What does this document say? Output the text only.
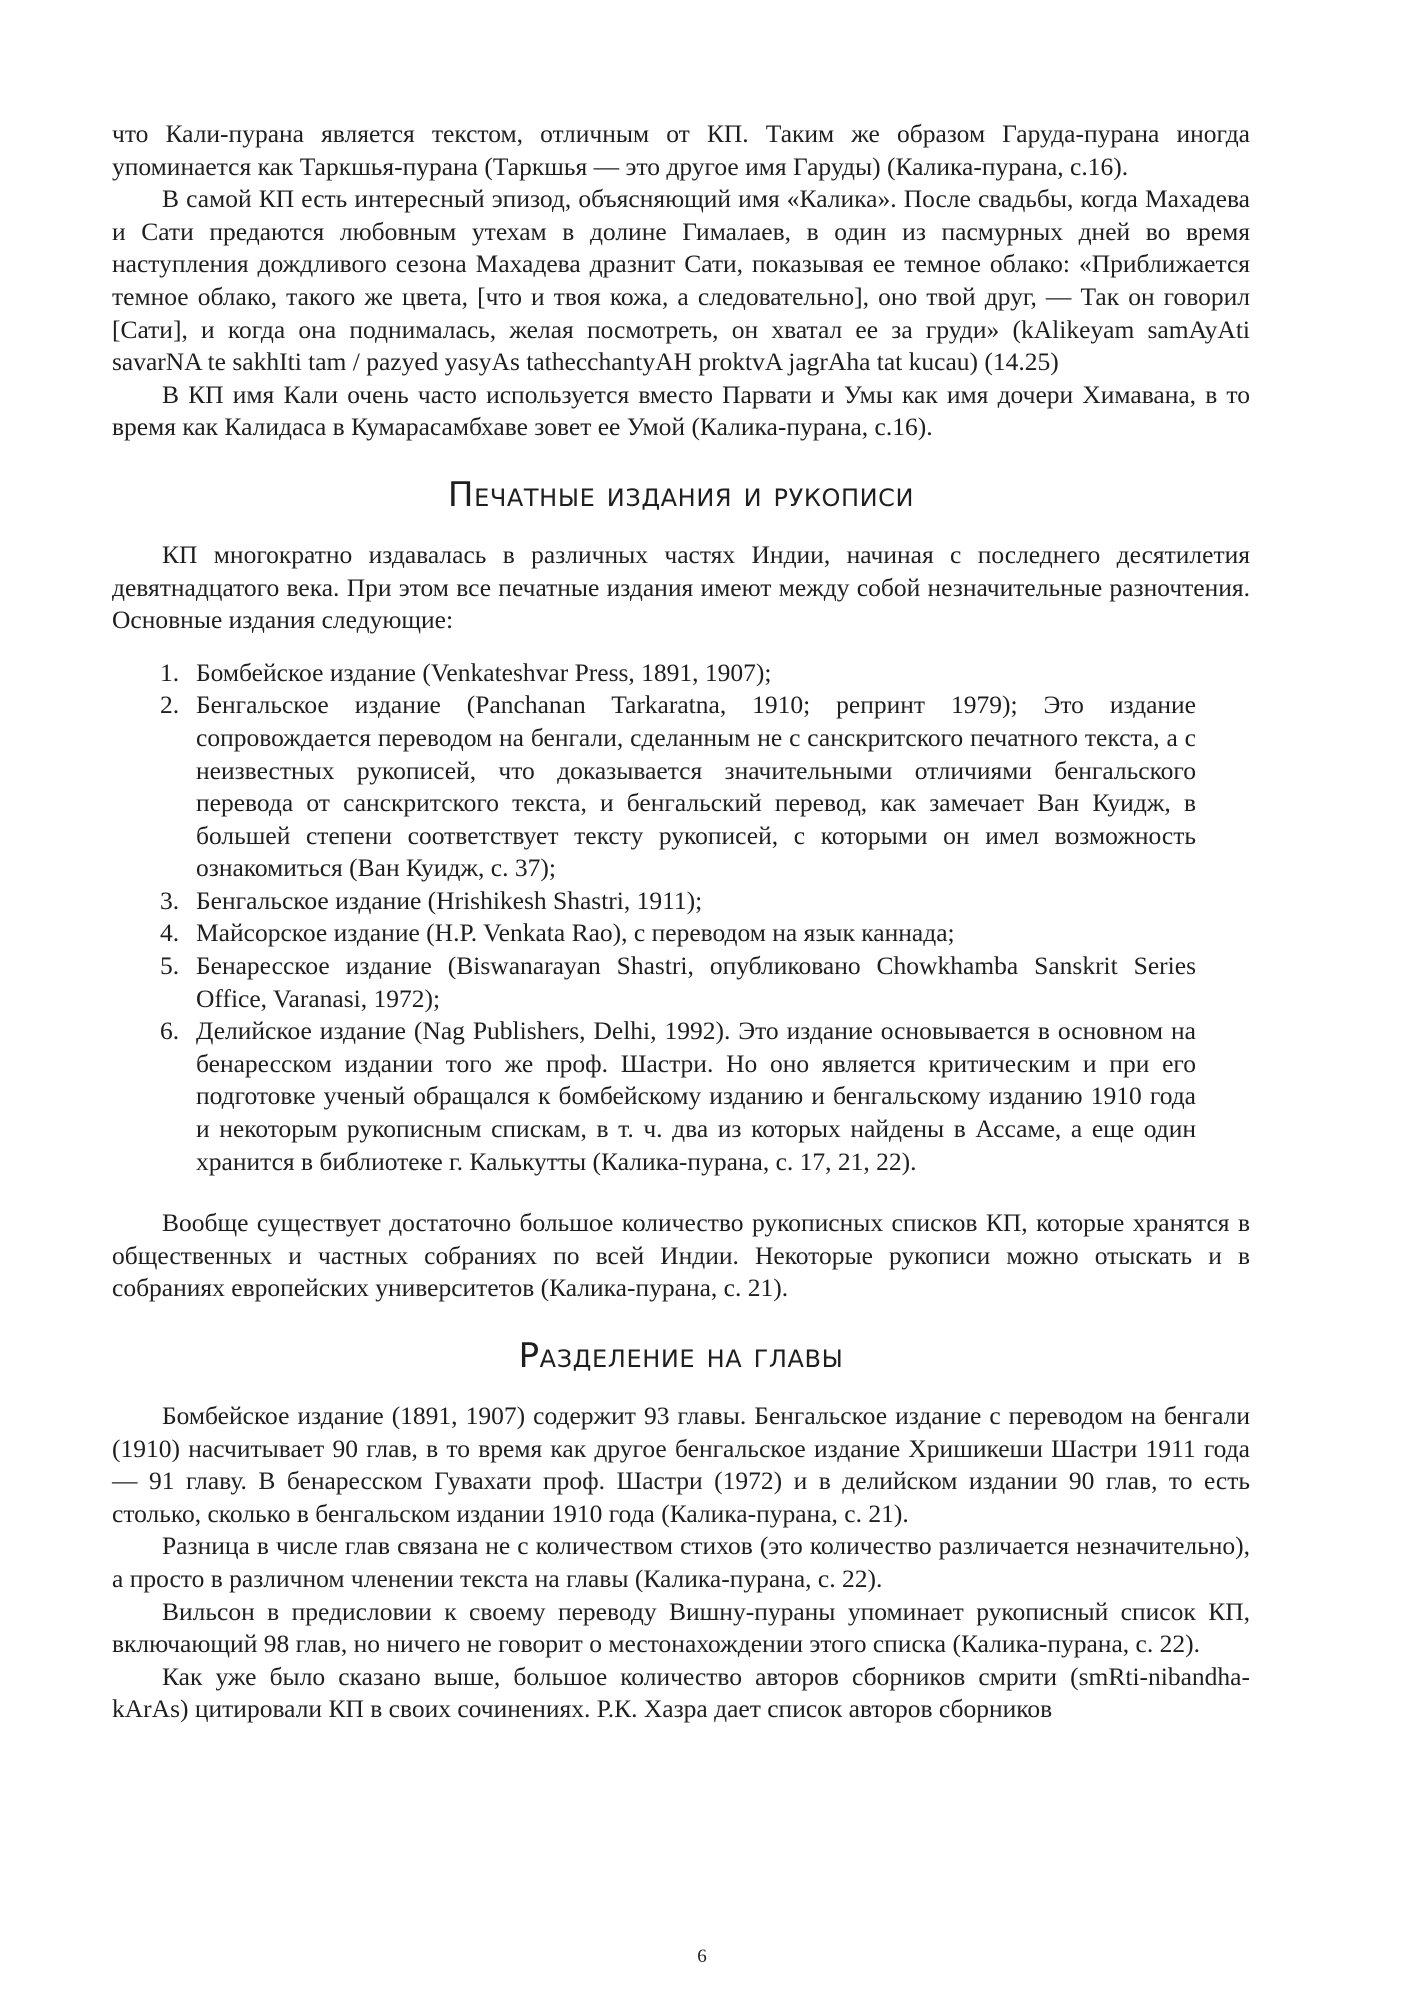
что Кали-пурана является текстом, отличным от КП. Таким же образом Гаруда-пурана иногда упоминается как Таркшья-пурана (Таркшья — это другое имя Гаруды) (Калика-пурана, с.16).

В самой КП есть интересный эпизод, объясняющий имя «Калика». После свадьбы, когда Махадева и Сати предаются любовным утехам в долине Гималаев, в один из пасмурных дней во время наступления дождливого сезона Махадева дразнит Сати, показывая ее темное облако: «Приближается темное облако, такого же цвета, [что и твоя кожа, а следовательно], оно твой друг, — Так он говорил [Сати], и когда она поднималась, желая посмотреть, он хватал ее за груди» (kAlikeyam samAyAti savarNA te sakhIti tam / pazyed yasyAs tathecchantyAH proktvA jagrAha tat kucau) (14.25)

В КП имя Кали очень часто используется вместо Парвати и Умы как имя дочери Химавана, в то время как Калидаса в Кумарасамбхаве зовет ее Умой (Калика-пурана, с.16).

Печатные издания и рукописи

КП многократно издавалась в различных частях Индии, начиная с последнего десятилетия девятнадцатого века. При этом все печатные издания имеют между собой незначительные разночтения. Основные издания следующие:

1. Бомбейское издание (Venkateshvar Press, 1891, 1907);
2. Бенгальское издание (Panchanan Tarkaratna, 1910; репринт 1979); Это издание сопровождается переводом на бенгали, сделанным не с санскритского печатного текста, а с неизвестных рукописей, что доказывается значительными отличиями бенгальского перевода от санскритского текста, и бенгальский перевод, как замечает Ван Куидж, в большей степени соответствует тексту рукописей, с которыми он имел возможность ознакомиться (Ван Куидж, с. 37);
3. Бенгальское издание (Hrishikesh Shastri, 1911);
4. Майсорское издание (H.P. Venkata Rao), с переводом на язык каннада;
5. Бенаресское издание (Biswanarayan Shastri, опубликовано Chowkhamba Sanskrit Series Office, Varanasi, 1972);
6. Делийское издание (Nag Publishers, Delhi, 1992). Это издание основывается в основном на бенаресском издании того же проф. Шастри. Но оно является критическим и при его подготовке ученый обращался к бомбейскому изданию и бенгальскому изданию 1910 года и некоторым рукописным спискам, в т. ч. два из которых найдены в Ассаме, а еще один хранится в библиотеке г. Калькутты (Калика-пурана, с. 17, 21, 22).

Вообще существует достаточно большое количество рукописных списков КП, которые хранятся в общественных и частных собраниях по всей Индии. Некоторые рукописи можно отыскать и в собраниях европейских университетов (Калика-пурана, с. 21).

Разделение на главы

Бомбейское издание (1891, 1907) содержит 93 главы. Бенгальское издание с переводом на бенгали (1910) насчитывает 90 глав, в то время как другое бенгальское издание Хришикеши Шастри 1911 года — 91 главу. В бенаресском Гувахати проф. Шастри (1972) и в делийском издании 90 глав, то есть столько, сколько в бенгальском издании 1910 года (Калика-пурана, с. 21).

Разница в числе глав связана не с количеством стихов (это количество различается незначительно), а просто в различном членении текста на главы (Калика-пурана, с. 22).

Вильсон в предисловии к своему переводу Вишну-пураны упоминает рукописный список КП, включающий 98 глав, но ничего не говорит о местонахождении этого списка (Калика-пурана, с. 22).

Как уже было сказано выше, большое количество авторов сборников смрити (smRti-nibandha-kArAs) цитировали КП в своих сочинениях. Р.К. Хазра дает список авторов сборников

6
